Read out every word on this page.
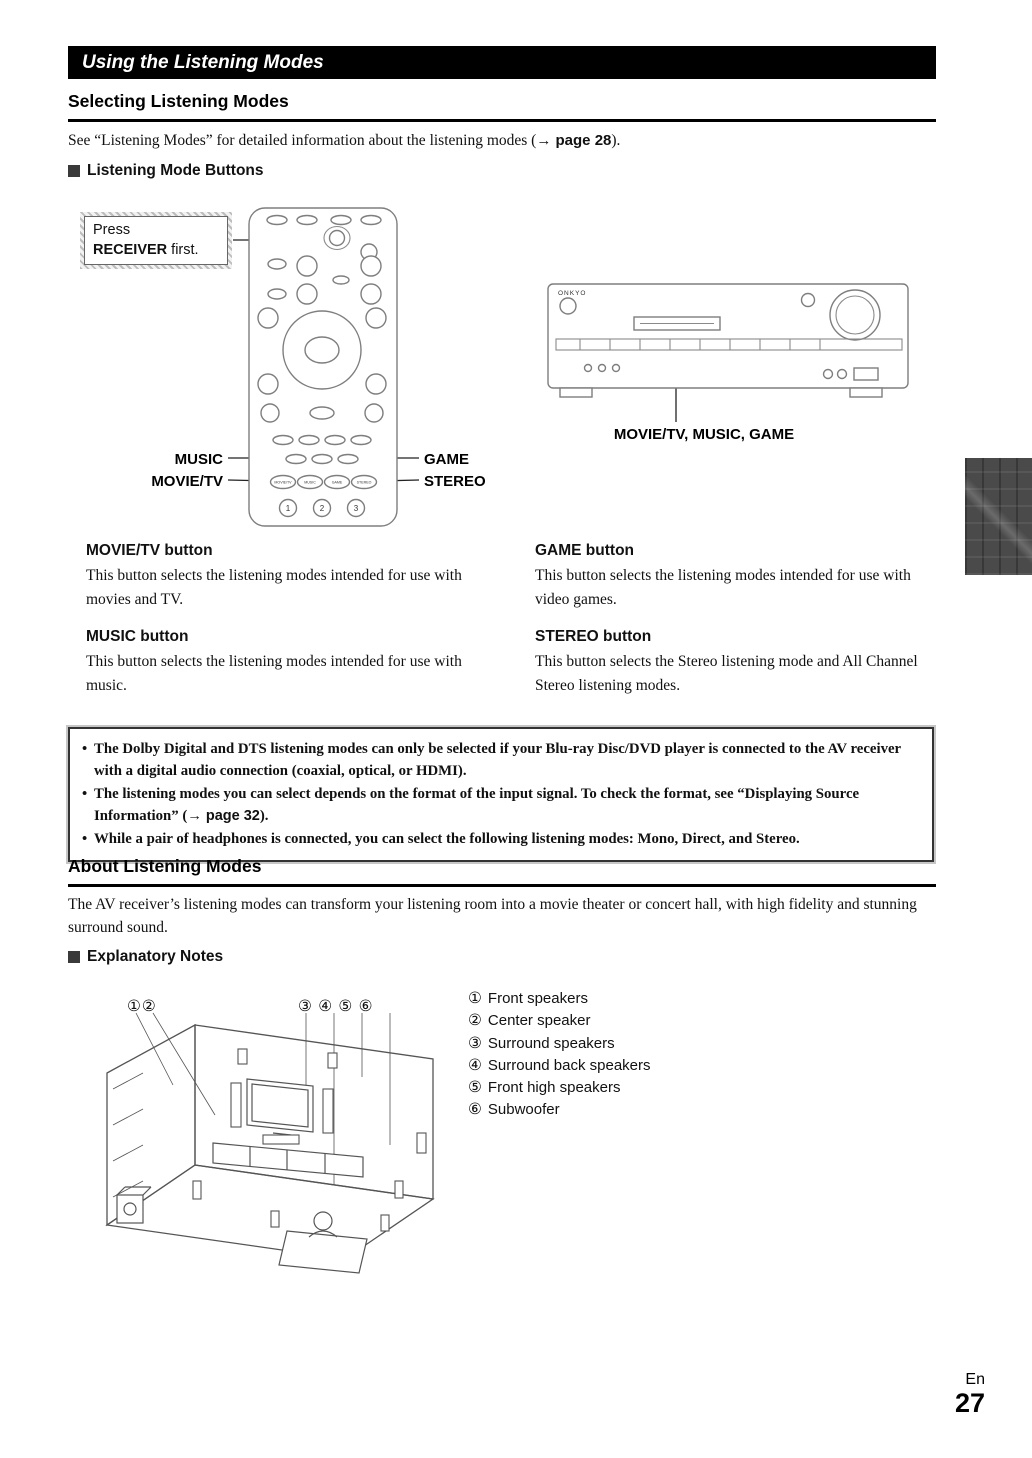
Using the Listening Modes
Selecting Listening Modes
See “Listening Modes” for detailed information about the listening modes (→ page 28).
Listening Mode Buttons
MOVIE/TV	MUSIC	GAME	STEREO
1	2	3
ONKYO
Press
RECEIVER first.
MUSIC
MOVIE/TV
GAME
STEREO
MOVIE/TV, MUSIC, GAME

MOVIE/TV button

This button selects the listening modes intended for use with movies and TV.

MUSIC button

This button selects the listening modes intended for use with music.

GAME button

This button selects the listening modes intended for use with video games.

STEREO button

This button selects the Stereo listening mode and All Channel Stereo listening modes.

• The Dolby Digital and DTS listening modes can only be selected if your Blu-ray Disc/DVD player is connected to the AV receiver with a digital audio connection (coaxial, optical, or HDMI).
• The listening modes you can select depends on the format of the input signal. To check the format, see “Displaying Source Information” (→ page 32).
• While a pair of headphones is connected, you can select the following listening modes: Mono, Direct, and Stereo.
About Listening Modes
The AV receiver’s listening modes can transform your listening room into a movie theater or concert hall, with high fidelity and stunning surround sound.
Explanatory Notes
①②	③ ④ ⑤ ⑥	① Front speakers
② Center speaker
③ Surround speakers
④ Surround back speakers
⑤ Front high speakers
⑥ Subwoofer
En
27
